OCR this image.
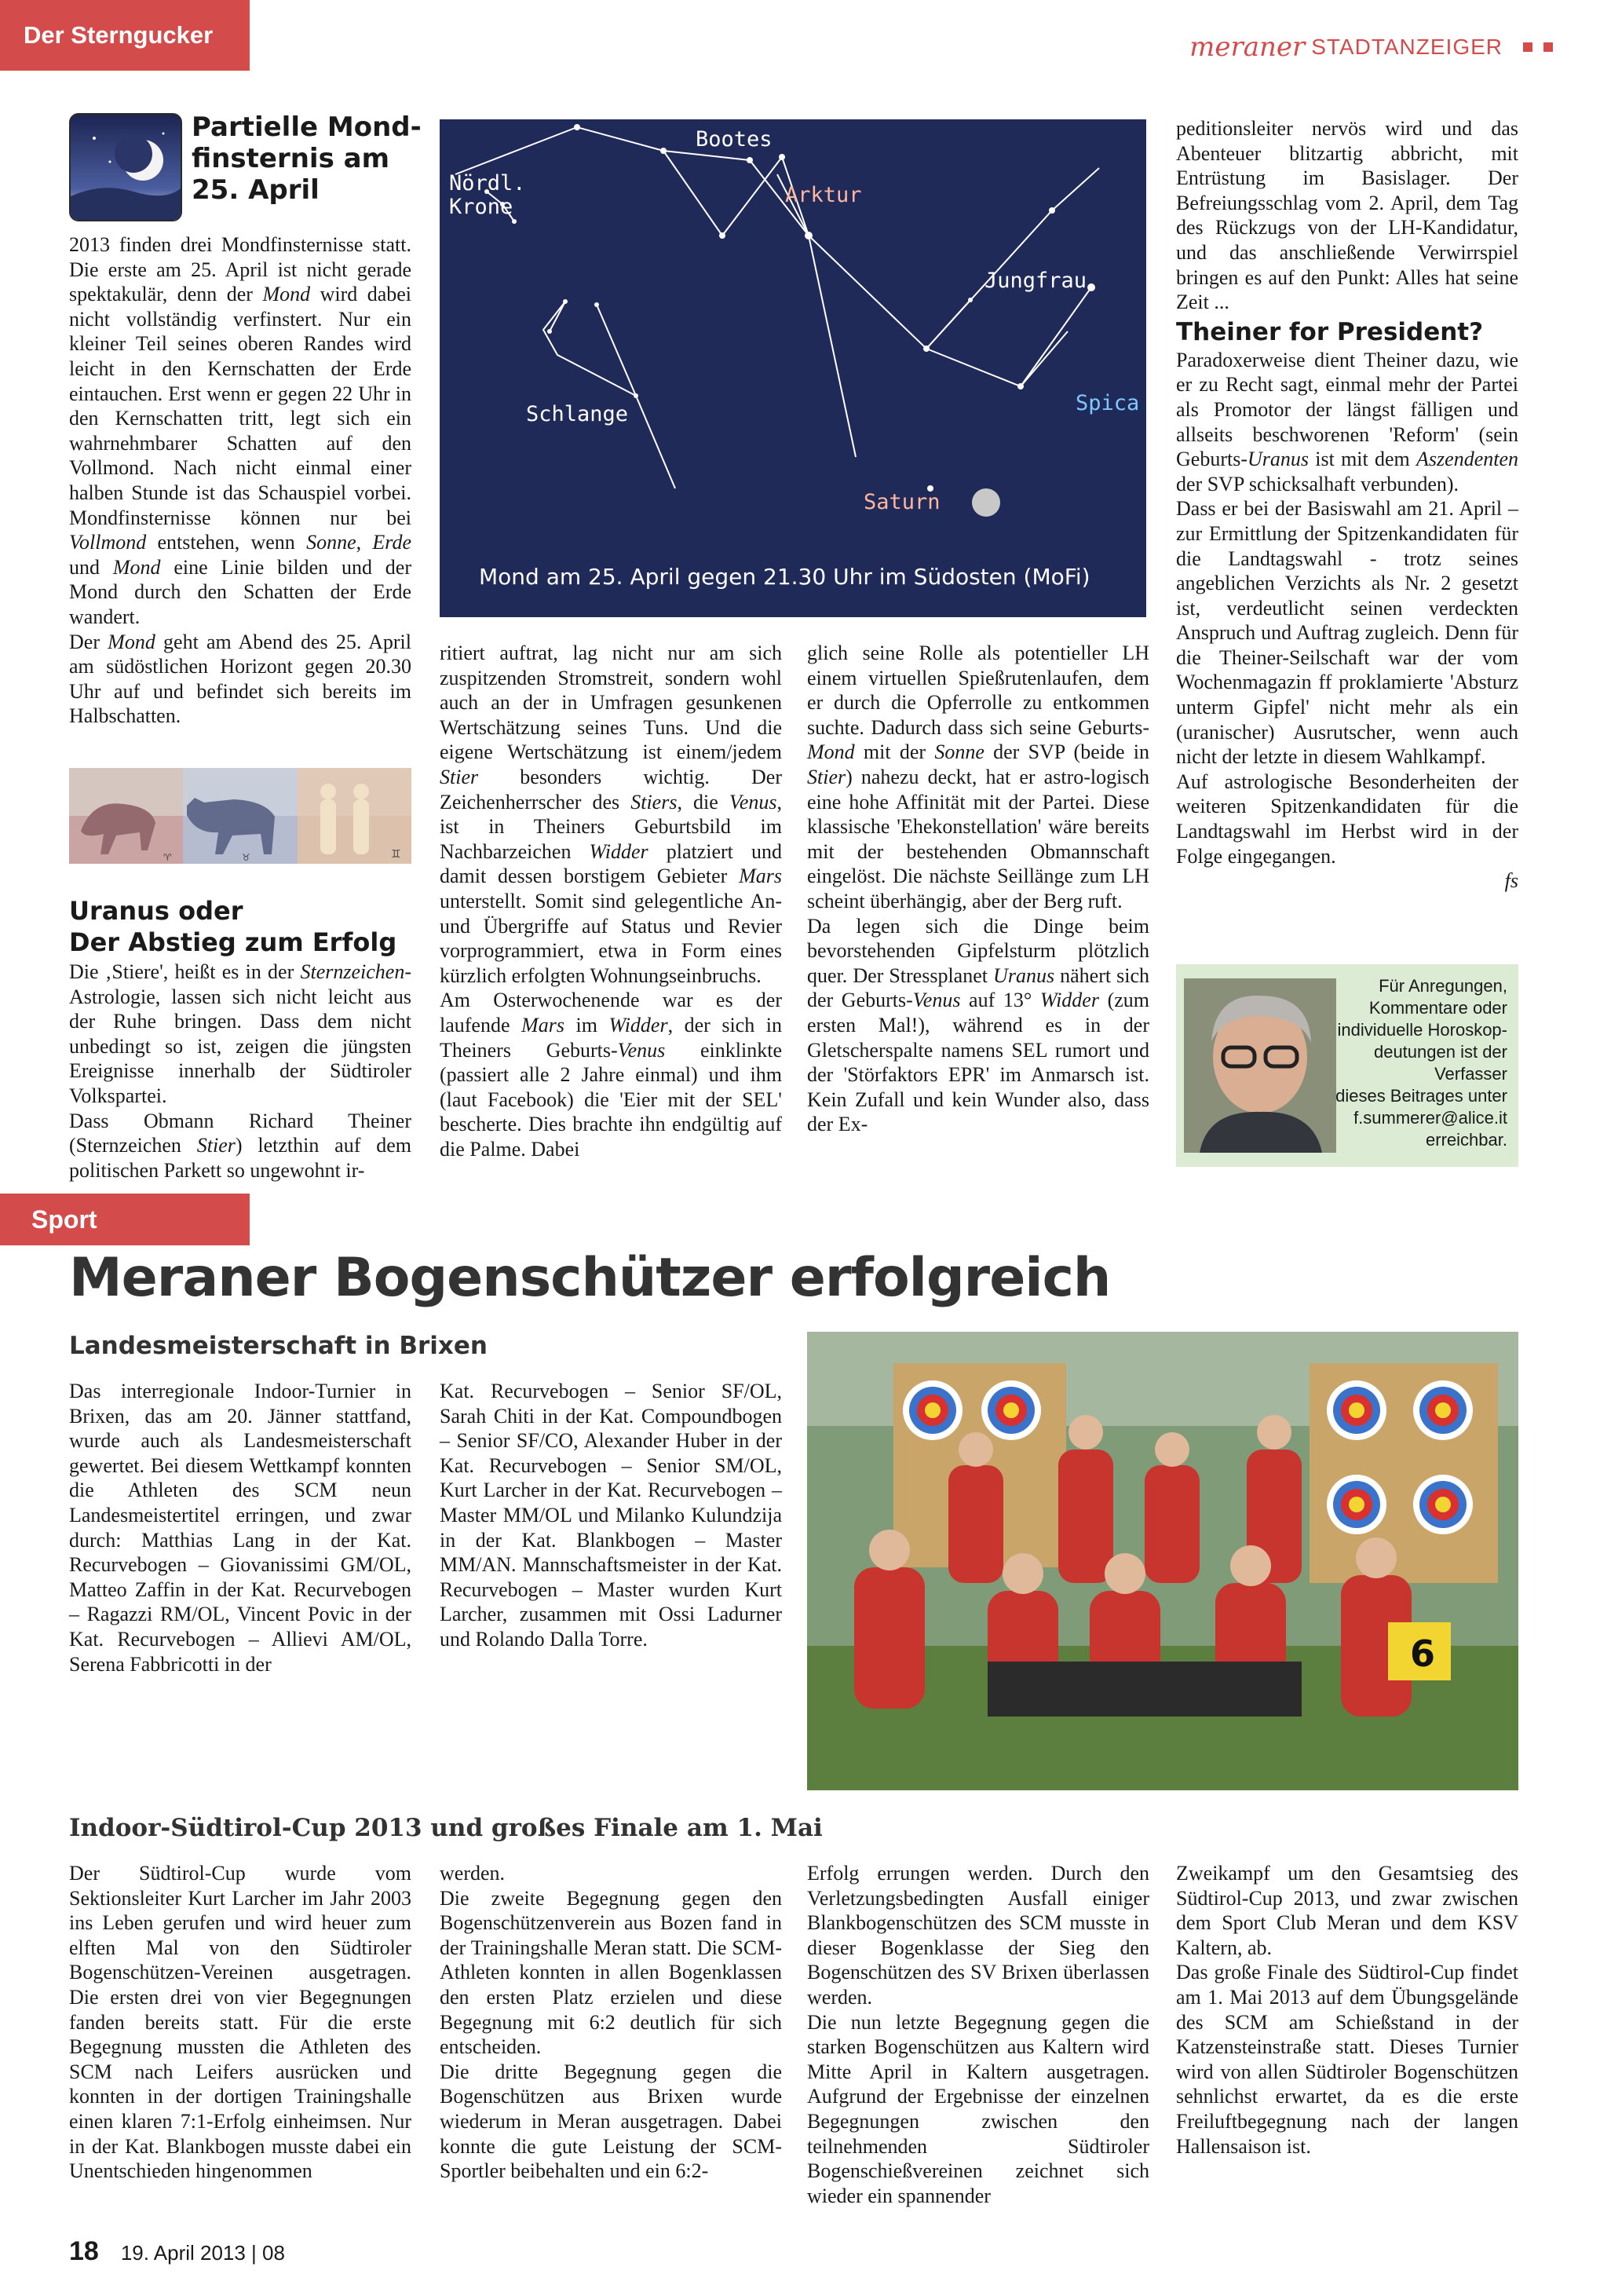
Der Sterngucker	meraner STADTANZEIGER
Partielle Mondfinsternis am 25. April

2013 finden drei Mondfinsternisse statt. Die erste am 25. April ist nicht gerade spektakulär, denn der Mond wird dabei nicht vollständig verfinstert. Nur ein kleiner Teil seines oberen Randes wird leicht in den Kernschatten der Erde eintauchen. Erst wenn er gegen 22 Uhr in den Kernschatten tritt, legt sich ein wahrnehmbarer Schatten auf den Vollmond. Nach nicht einmal einer halben Stunde ist das Schauspiel vorbei. Mondfinsternisse können nur bei Vollmond entstehen, wenn Sonne, Erde und Mond eine Linie bilden und der Mond durch den Schatten der Erde wandert.

Der Mond geht am Abend des 25. April am südöstlichen Horizont gegen 20.30 Uhr auf und befindet sich bereits im Halbschatten.

♉	♊
♈
Uranus oder
Der Abstieg zum Erfolg

Die ‚Stiere', heißt es in der Sternzeichen-Astrologie, lassen sich nicht leicht aus der Ruhe bringen. Dass dem nicht unbedingt so ist, zeigen die jüngsten Ereignisse innerhalb der Südtiroler Volkspartei.

Dass Obmann Richard Theiner (Sternzeichen Stier) letzthin auf dem politischen Parkett so ungewohnt ir-

Bootes
Nördl.
Krone	Arktur
Jungfrau
Spica
Schlange
Saturn
Mond am 25. April gegen 21.30 Uhr im Südosten (MoFi)

ritiert auftrat, lag nicht nur am sich zuspitzenden Stromstreit, sondern wohl auch an der in Umfragen gesunkenen Wertschätzung seines Tuns. Und die eigene Wertschätzung ist einem/jedem Stier besonders wichtig. Der Zeichenherrscher des Stiers, die Venus, ist in Theiners Geburtsbild im Nachbarzeichen Widder platziert und damit dessen borstigem Gebieter Mars unterstellt. Somit sind gelegentliche An- und Übergriffe auf Status und Revier vorprogrammiert, etwa in Form eines kürzlich erfolgten Wohnungseinbruchs.

Am Osterwochenende war es der laufende Mars im Widder, der sich in Theiners Geburts-Venus einklinkte (passiert alle 2 Jahre einmal) und ihm (laut Facebook) die 'Eier mit der SEL' bescherte. Dies brachte ihn endgültig auf die Palme. Dabei

glich seine Rolle als potentieller LH einem virtuellen Spießrutenlaufen, dem er durch die Opferrolle zu entkommen suchte. Dadurch dass sich seine Geburts-Mond mit der Sonne der SVP (beide in Stier) nahezu deckt, hat er astro-logisch eine hohe Affinität mit der Partei. Diese klassische 'Ehekonstellation' wäre bereits mit der bestehenden Obmannschaft eingelöst. Die nächste Seillänge zum LH scheint überhängig, aber der Berg ruft.

Da legen sich die Dinge beim bevorstehenden Gipfelsturm plötzlich quer. Der Stressplanet Uranus nähert sich der Geburts-Venus auf 13° Widder (zum ersten Mal!), während es in der Gletscherspalte namens SEL rumort und der 'Störfaktors EPR' im Anmarsch ist. Kein Zufall und kein Wunder also, dass der Ex-

peditionsleiter nervös wird und das Abenteuer blitzartig abbricht, mit Entrüstung im Basislager. Der Befreiungsschlag vom 2. April, dem Tag des Rückzugs von der LH-Kandidatur, und das anschließende Verwirrspiel bringen es auf den Punkt: Alles hat seine Zeit ...

Theiner for President?

Paradoxerweise dient Theiner dazu, wie er zu Recht sagt, einmal mehr der Partei als Promotor der längst fälligen und allseits beschworenen 'Reform' (sein Geburts-Uranus ist mit dem Aszendenten der SVP schicksalhaft verbunden).

Dass er bei der Basiswahl am 21. April – zur Ermittlung der Spitzenkandidaten für die Landtagswahl - trotz seines angeblichen Verzichts als Nr. 2 gesetzt ist, verdeutlicht seinen verdeckten Anspruch und Auftrag zugleich. Denn für die Theiner-Seilschaft war der vom Wochenmagazin ff proklamierte 'Absturz unterm Gipfel' nicht mehr als ein (uranischer) Ausrutscher, wenn auch nicht der letzte in diesem Wahlkampf.

Auf astrologische Besonderheiten der weiteren Spitzenkandidaten für die Landtagswahl im Herbst wird in der Folge eingegangen.

fs

Für Anregungen,
Kommentare oder
individuelle Horoskop-
deutungen ist der
Verfasser
dieses Beitrages unter
f.summerer@alice.it
erreichbar.
Sport
Meraner Bogenschützer erfolgreich
Landesmeisterschaft in Brixen
Das interregionale Indoor-Turnier in Brixen, das am 20. Jänner stattfand, wurde auch als Landesmeisterschaft gewertet. Bei diesem Wettkampf konnten die Athleten des SCM neun Landesmeistertitel erringen, und zwar durch: Matthias Lang in der Kat. Recurvebogen – Giovanissimi GM/OL, Matteo Zaffin in der Kat. Recurvebogen – Ragazzi RM/OL, Vincent Povic in der Kat. Recurvebogen – Allievi AM/OL, Serena Fabbricotti in der
Kat. Recurvebogen – Senior SF/OL, Sarah Chiti in der Kat. Compoundbogen – Senior SF/CO, Alexander Huber in der Kat. Recurvebogen – Senior SM/OL, Kurt Larcher in der Kat. Recurvebogen – Master MM/OL und Milanko Kulundzija in der Kat. Blankbogen – Master MM/AN. Mannschaftsmeister in der Kat. Recurvebogen – Master wurden Kurt Larcher, zusammen mit Ossi Ladurner und Rolando Dalla Torre.	6
Indoor-Südtirol-Cup 2013 und großes Finale am 1. Mai
Der Südtirol-Cup wurde vom Sektionsleiter Kurt Larcher im Jahr 2003 ins Leben gerufen und wird heuer zum elften Mal von den Südtiroler Bogenschützen-Vereinen ausgetragen. Die ersten drei von vier Begegnungen fanden bereits statt. Für die erste Begegnung mussten die Athleten des SCM nach Leifers ausrücken und konnten in der dortigen Trainingshalle einen klaren 7:1-Erfolg einheimsen. Nur in der Kat. Blankbogen musste dabei ein Unentschieden hingenommen

werden.

Die zweite Begegnung gegen den Bogenschützenverein aus Bozen fand in der Trainingshalle Meran statt. Die SCM-Athleten konnten in allen Bogenklassen den ersten Platz erzielen und diese Begegnung mit 6:2 deutlich für sich entscheiden.

Die dritte Begegnung gegen die Bogenschützen aus Brixen wurde wiederum in Meran ausgetragen. Dabei konnte die gute Leistung der SCM-Sportler beibehalten und ein 6:2-

Erfolg errungen werden. Durch den Verletzungsbedingten Ausfall einiger Blankbogenschützen des SCM musste in dieser Bogenklasse der Sieg den Bogenschützen des SV Brixen überlassen werden.

Die nun letzte Begegnung gegen die starken Bogenschützen aus Kaltern wird Mitte April in Kaltern ausgetragen. Aufgrund der Ergebnisse der einzelnen Begegnungen zwischen den teilnehmenden Südtiroler Bogenschießvereinen zeichnet sich wieder ein spannender

Zweikampf um den Gesamtsieg des Südtirol-Cup 2013, und zwar zwischen dem Sport Club Meran und dem KSV Kaltern, ab.

Das große Finale des Südtirol-Cup findet am 1. Mai 2013 auf dem Übungsgelände des SCM am Schießstand in der Katzensteinstraße statt. Dieses Turnier wird von allen Südtiroler Bogenschützen sehnlichst erwartet, da es die erste Freiluftbegegnung nach der langen Hallensaison ist.

18 19. April 2013 | 08
